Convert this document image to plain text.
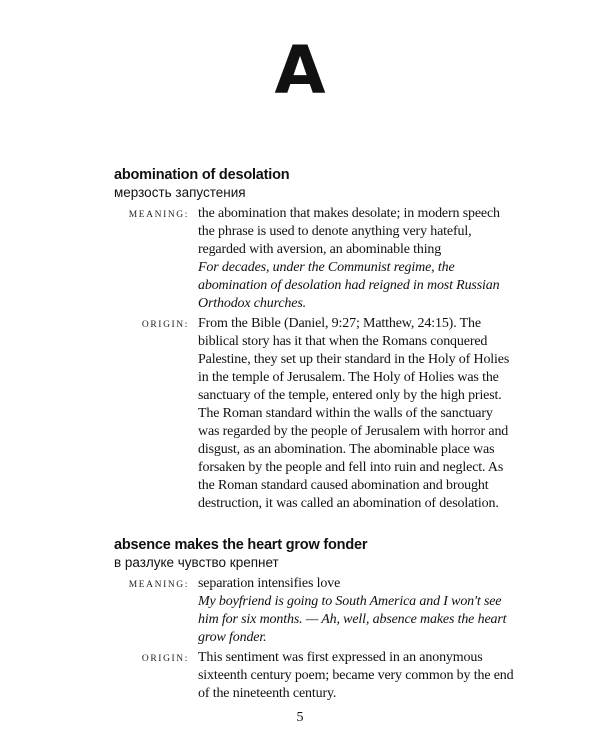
A
abomination of desolation
мерзость запустения
MEANING: the abomination that makes desolate; in modern speech the phrase is used to denote anything very hateful, regarded with aversion, an abominable thing
For decades, under the Communist regime, the abomination of desolation had reigned in most Russian Orthodox churches.
ORIGIN: From the Bible (Daniel, 9:27; Matthew, 24:15). The biblical story has it that when the Romans conquered Palestine, they set up their standard in the Holy of Holies in the temple of Jerusalem. The Holy of Holies was the sanctuary of the temple, entered only by the high priest. The Roman standard within the walls of the sanctuary was regarded by the people of Jerusalem with horror and disgust, as an abomination. The abominable place was forsaken by the people and fell into ruin and neglect. As the Roman standard caused abomination and brought destruction, it was called an abomination of desolation.
absence makes the heart grow fonder
в разлуке чувство крепнет
MEANING: separation intensifies love
My boyfriend is going to South America and I won't see him for six months. — Ah, well, absence makes the heart grow fonder.
ORIGIN: This sentiment was first expressed in an anonymous sixteenth century poem; became very common by the end of the nineteenth century.
5
